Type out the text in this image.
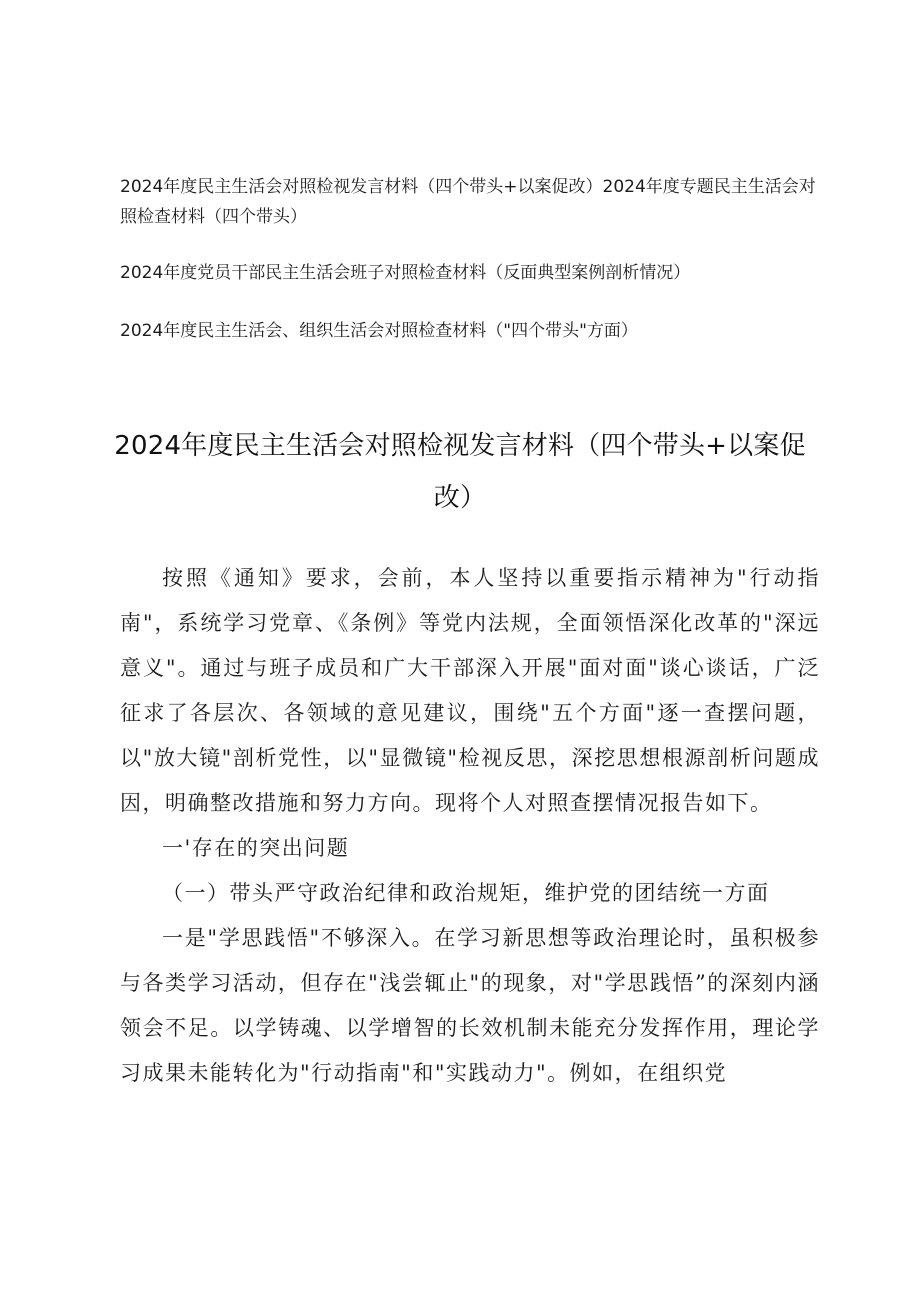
2024年度民主生活会对照检视发言材料（四个带头+以案促改）2024年度专题民主生活会对照检查材料（四个带头）

2024年度党员干部民主生活会班子对照检查材料（反面典型案例剖析情况）

2024年度民主生活会、组织生活会对照检查材料（"四个带头"方面）

2024年度民主生活会对照检视发言材料（四个带头+以案促改）

按照《通知》要求，会前，本人坚持以重要指示精神为"行动指南"，系统学习党章、《条例》等党内法规，全面领悟深化改革的"深远意义"。通过与班子成员和广大干部深入开展"面对面"谈心谈话，广泛征求了各层次、各领域的意见建议，围绕"五个方面"逐一查摆问题，以"放大镜"剖析党性，以"显微镜"检视反思，深挖思想根源剖析问题成因，明确整改措施和努力方向。现将个人对照查摆情况报告如下。

一'存在的突出问题

（一）带头严守政治纪律和政治规矩，维护党的团结统一方面

一是"学思践悟"不够深入。在学习新思想等政治理论时，虽积极参与各类学习活动，但存在"浅尝辄止"的现象，对"学思践悟”的深刻内涵领会不足。以学铸魂、以学增智的长效机制未能充分发挥作用，理论学习成果未能转化为"行动指南"和"实践动力"。例如，在组织党
